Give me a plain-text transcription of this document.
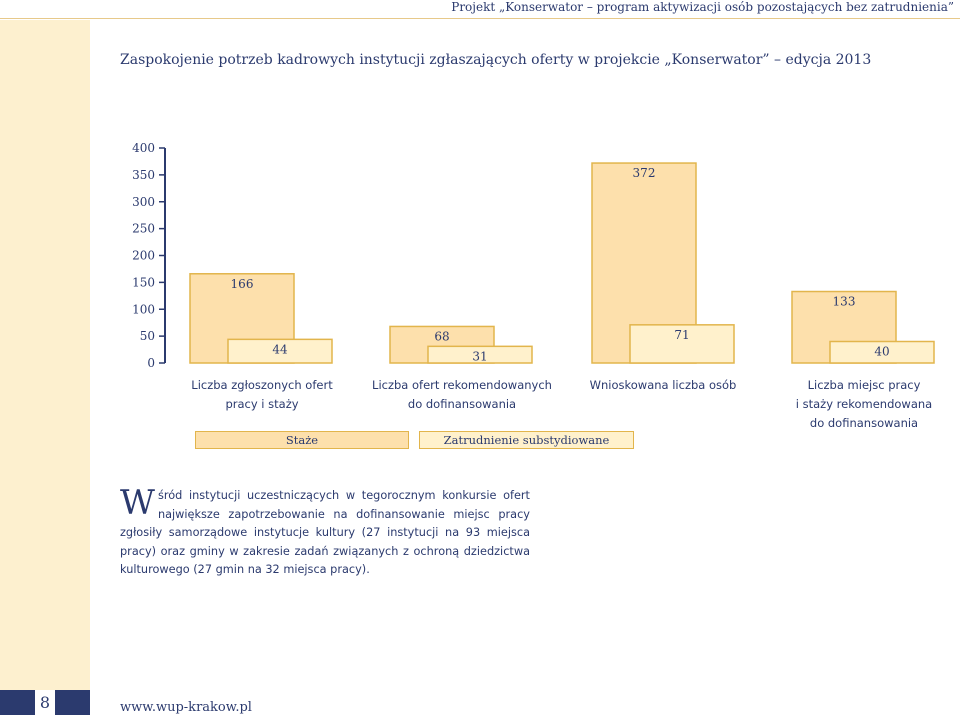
Projekt „Konserwator – program aktywizacji osób pozostających bez zatrudnienia”
Zaspokojenie potrzeb kadrowych instytucji zgłaszających oferty w projekcie „Konserwator” – edycja 2013
0
50
100
150
200
250
300
350
400
166
68
372
133
44	31
71
40
Liczba zgłoszonych ofert
pracy i staży
Liczba ofert rekomendowanych
do dofinansowania
Wnioskowana liczba osób	Liczba miejsc pracy
i staży rekomendowana
do dofinansowania
Staże	Zatrudnienie substydiowane
Wśród instytucji uczestniczących w tegorocznym konkursie ofert największe zapotrzebowanie na dofinansowanie miejsc pracy zgłosiły samorządowe instytucje kultury (27 instytucji na 93 miejsca pracy) oraz gminy w zakresie zadań związanych z ochroną dziedzictwa kulturowego (27 gmin na 32 miejsca pracy).
8	www.wup-krakow.pl
